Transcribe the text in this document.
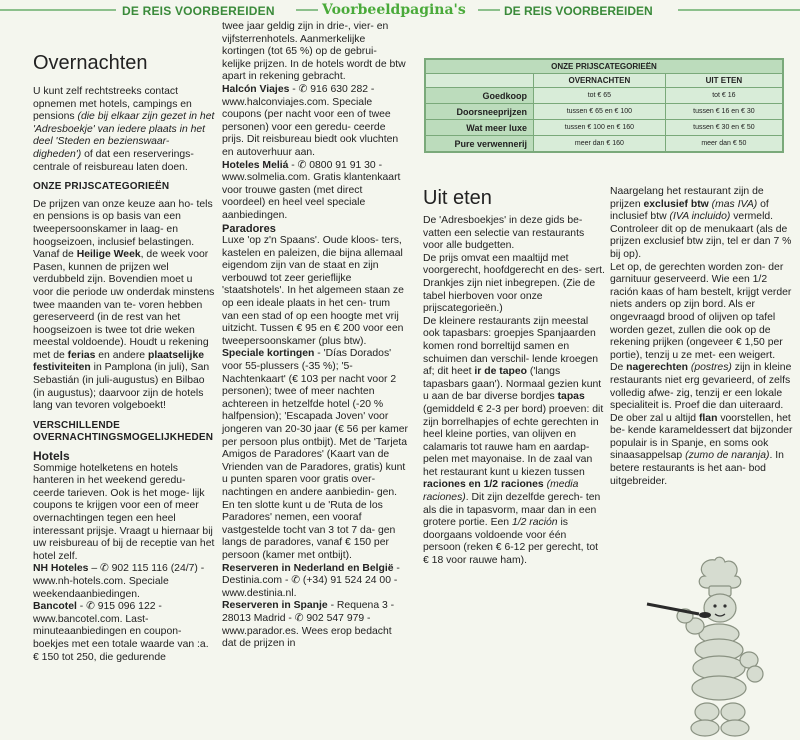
DE REIS VOORBEREIDEN	Voorbeeldpagina's	DE REIS VOORBEREIDEN
Overnachten

U kunt zelf rechtstreeks contact opnemen met hotels, campings en pensions (die bij elkaar zijn gezet in het 'Adresboekje' van iedere plaats in het deel 'Steden en bezienswaar- digheden') of dat een reserverings- centrale of reisbureau laten doen.

ONZE PRIJSCATEGORIEËN

De prijzen van onze keuze aan ho- tels en pensions is op basis van een tweepersoonskamer in laag- en hoogseizoen, inclusief belastingen. Vanaf de Heilige Week, de week voor Pasen, kunnen de prijzen wel verdubbeld zijn. Bovendien moet u voor die periode uw onderdak minstens twee maanden van te- voren hebben gereserveerd (in de rest van het hoogseizoen is twee tot drie weken meestal voldoende). Houdt u rekening met de ferias en andere plaatselijke festiviteiten in Pamplona (in juli), San Sebastián (in juli-augustus) en Bilbao (in augustus); daarvoor zijn de hotels lang van tevoren volgeboekt!

VERSCHILLENDE OVERNACHTINGSMOGELIJKHEDEN

Hotels

Sommige hotelketens en hotels hanteren in het weekend geredu- ceerde tarieven. Ook is het moge- lijk coupons te krijgen voor een of meer overnachtingen tegen een heel interessant prijsje. Vraagt u hiernaar bij uw reisbureau of bij de receptie van het hotel zelf.

NH Hoteles – ✆ 902 115 116 (24/7) - www.nh-hotels.com. Speciale weekendaanbiedingen.

Bancotel - ✆ 915 096 122 - www.bancotel.com. Last- minuteaanbiedingen en coupon- boekjes met een totale waarde van :a. € 150 tot 250, die gedurende

twee jaar geldig zijn in drie-, vier- en vijfsterrenhotels. Aanmerkelijke kortingen (tot 65 %) op de gebrui- kelijke prijzen. In de hotels wordt de btw apart in rekening gebracht.

Halcón Viajes - ✆ 916 630 282 - www.halconviajes.com. Speciale coupons (per nacht voor een of twee personen) voor een geredu- ceerde prijs. Dit reisbureau biedt ook vluchten en autoverhuur aan.

Hoteles Meliá - ✆ 0800 91 91 30 - www.solmelia.com. Gratis klantenkaart voor trouwe gasten (met direct voordeel) en heel veel speciale aanbiedingen.

Paradores

Luxe 'op z'n Spaans'. Oude kloos- ters, kastelen en paleizen, die bijna allemaal eigendom zijn van de staat en zijn verbouwd tot zeer gerieflijke 'staatshotels'. In het algemeen staan ze op een ideale plaats in het cen- trum van een stad of op een hoogte met vrij uitzicht. Tussen € 95 en € 200 voor een tweepersoonskamer (plus btw).

Speciale kortingen - 'Días Dorados' voor 55-plussers (-35 %); '5-Nachtenkaart' (€ 103 per nacht voor 2 personen); twee of meer nachten achtereen in hetzelfde hotel (-20 % halfpension); 'Escapada Joven' voor jongeren van 20-30 jaar (€ 56 per kamer per persoon plus ontbijt). Met de 'Tarjeta Amigos de Paradores' (Kaart van de Vrienden van de Paradores, gratis) kunt u punten sparen voor gratis over- nachtingen en andere aanbiedin- gen. En ten slotte kunt u de 'Ruta de los Paradores' nemen, een vooraf vastgestelde tocht van 3 tot 7 da- gen langs de paradores, vanaf € 150 per persoon (kamer met ontbijt).

Reserveren in Nederland en België - Destinia.com - ✆ (+34) 91 524 24 00 - www.destinia.nl.

Reserveren in Spanje - Requena 3 - 28013 Madrid - ✆ 902 547 979 - www.parador.es. Wees erop bedacht dat de prijzen in

ONZE PRIJSCATEGORIEËN		
	OVERNACHTEN	UIT ETEN
Goedkoop	tot € 65	tot € 16
Doorsneeprijzen	tussen € 65 en € 100	tussen € 16 en € 30
Wat meer luxe	tussen € 100 en € 160	tussen € 30 en € 50
Pure verwennerij	meer dan € 160	meer dan € 50
Uit eten

De 'Adresboekjes' in deze gids be- vatten een selectie van restaurants voor alle budgetten.

De prijs omvat een maaltijd met voorgerecht, hoofdgerecht en des- sert. Drankjes zijn niet inbegrepen. (Zie de tabel hierboven voor onze prijscategorieën.)

De kleinere restaurants zijn meestal ook tapasbars: groepjes Spanjaarden komen rond borreltijd samen en schuimen dan verschil- lende kroegen af; dit heet ir de tapeo ('langs tapasbars gaan'). Normaal gezien kunt u aan de bar diverse bordjes tapas (gemiddeld € 2-3 per bord) proeven: dit zijn borrelhapjes of echte gerechten in heel kleine porties, van olijven en calamaris tot rauwe ham en aardap- pelen met mayonaise. In de zaal van het restaurant kunt u kiezen tussen raciones en 1/2 raciones (media raciones). Dit zijn dezelfde gerech- ten als die in tapasvorm, maar dan in een grotere portie. Een 1/2 ración is doorgaans voldoende voor één persoon (reken € 6-12 per gerecht, tot € 18 voor rauwe ham).

Naargelang het restaurant zijn de prijzen exclusief btw (mas IVA) of inclusief btw (IVA incluido) vermeld. Controleer dit op de menukaart (als de prijzen exclusief btw zijn, tel er dan 7 % bij op).

Let op, de gerechten worden zon- der garnituur geserveerd. Wie een 1/2 ración kaas of ham bestelt, krijgt verder niets anders op zijn bord. Als er ongevraagd brood of olijven op tafel worden gezet, zullen die ook op de rekening prijken (ongeveer € 1,50 per portie), tenzij u ze met- een weigert.

De nagerechten (postres) zijn in kleine restaurants niet erg gevarieerd, of zelfs volledig afwe- zig, tenzij er een lokale specialiteit is. Proef die dan uiteraard. De ober zal u altijd flan voorstellen, het be- kende karameldessert dat bijzonder populair is in Spanje, en soms ook sinaasappelsap (zumo de naranja). In betere restaurants is het aan- bod uitgebreider.
